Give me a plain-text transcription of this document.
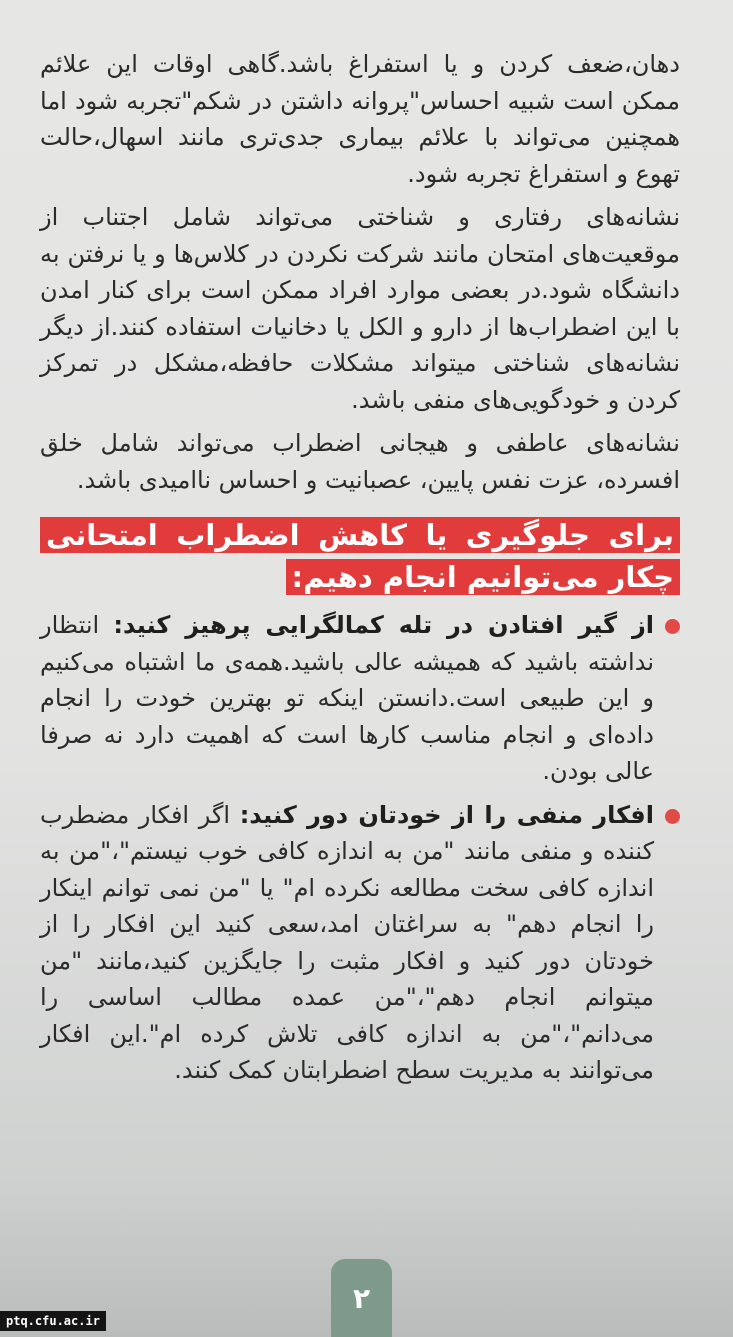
دهان،ضعف کردن و یا استفراغ باشد.گاهی اوقات این علائم ممکن است شبیه احساس"پروانه داشتن در شکم"تجربه شود اما همچنین می‌تواند با علائم بیماری جدی‌تری مانند اسهال،حالت تهوع و استفراغ تجربه شود.

نشانه‌های رفتاری و شناختی می‌تواند شامل اجتناب از موقعیت‌های امتحان مانند شرکت نکردن در کلاس‌ها و یا نرفتن به دانشگاه شود.در بعضی موارد افراد ممکن است برای کنار امدن با این اضطراب‌ها از دارو و الکل یا دخانیات استفاده کنند.از دیگر نشانه‌های شناختی میتواند مشکلات حافظه،مشکل در تمرکز کردن و خودگویی‌های منفی باشد.

نشانه‌های عاطفی و هیجانی اضطراب می‌تواند شامل خلق افسرده، عزت نفس پایین، عصبانیت و احساس ناامیدی باشد.

برای جلوگیری یا کاهش اضطراب امتحانی چکار می‌توانیم انجام دهیم:

از گیر افتادن در تله کمالگرایی پرهیز کنید: انتظار نداشته باشید که همیشه عالی باشید.همه‌ی ما اشتباه می‌کنیم و این طبیعی است.دانستن اینکه تو بهترین خودت را انجام داده‌ای و انجام مناسب کارها است که اهمیت دارد نه صرفا عالی بودن.

افکار منفی را از خودتان دور کنید: اگر افکار مضطرب کننده و منفی مانند "من به اندازه کافی خوب نیستم"،"من به اندازه کافی سخت مطالعه نکرده ام" یا "من نمی توانم اینکار را انجام دهم" به سراغتان امد،سعی کنید این افکار را از خودتان دور کنید و افکار مثبت را جایگزین کنید،مانند "من میتوانم انجام دهم"،"من عمده مطالب اساسی را می‌دانم"،"من به اندازه کافی تلاش کرده ام".این افکار می‌توانند به مدیریت سطح اضطرابتان کمک کنند.

۲
ptq.cfu.ac.ir
